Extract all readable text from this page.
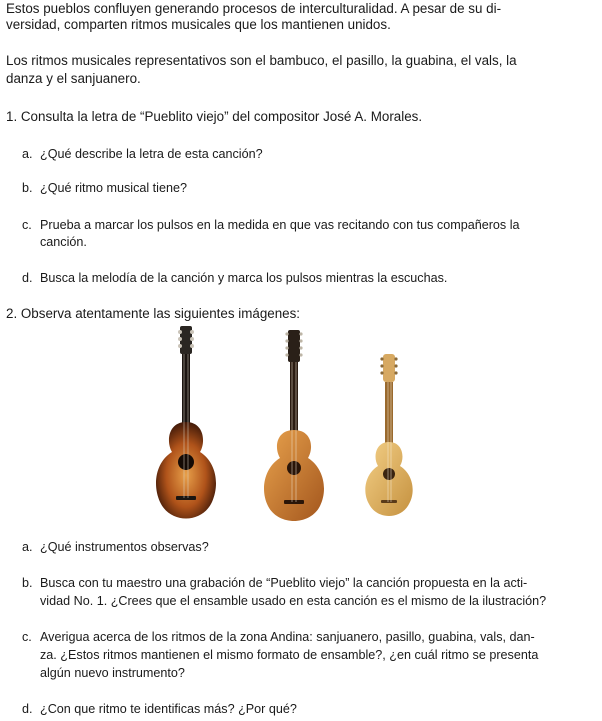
Estos pueblos confluyen generando procesos de interculturalidad. A pesar de su di-
versidad, comparten ritmos musicales que los mantienen unidos.
Los ritmos musicales representativos son el bambuco, el pasillo, la guabina, el vals, la
danza y el sanjuanero.
1. Consulta la letra de “Pueblito viejo” del compositor José A. Morales.
a. ¿Qué describe la letra de esta canción?
b. ¿Qué ritmo musical tiene?
c. Prueba a marcar los pulsos en la medida en que vas recitando con tus compañeros la
canción.
d. Busca la melodía de la canción y marca los pulsos mientras la escuchas.
2. Observa atentamente las siguientes imágenes:
a. ¿Qué instrumentos observas?
b. Busca con tu maestro una grabación de “Pueblito viejo” la canción propuesta en la acti-
vidad No. 1. ¿Crees que el ensamble usado en esta canción es el mismo de la ilustración?
c. Averigua acerca de los ritmos de la zona Andina: sanjuanero, pasillo, guabina, vals, dan-
za. ¿Estos ritmos mantienen el mismo formato de ensamble?, ¿en cuál ritmo se presenta
algún nuevo instrumento?
d. ¿Con que ritmo te identificas más? ¿Por qué?
